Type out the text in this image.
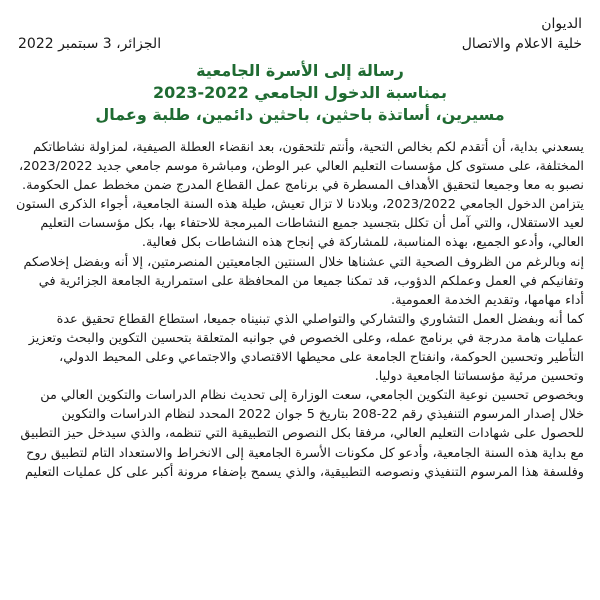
الديوان
خلية الاعلام والاتصال
الجزائر، 3 سبتمبر 2022
رسالة إلى الأسرة الجامعية
بمناسبة الدخول الجامعي 2022-2023
مسيرين، أساتذة باحثين، باحثين دائمين، طلبة وعمال

يسعدني بداية، أن أتقدم لكم بخالص التحية، وأنتم تلتحقون، بعد انقضاء العطلة الصيفية، لمزاولة نشاطاتكم المختلفة، على مستوى كل مؤسسات التعليم العالي عبر الوطن، ومباشرة موسم جامعي جديد 2023/2022، نصبو به معا وجميعا لتحقيق الأهداف المسطرة في برنامج عمل القطاع المدرج ضمن مخطط عمل الحكومة.

يتزامن الدخول الجامعي 2023/2022، وبلادنا لا تزال تعيش، طيلة هذه السنة الجامعية، أجواء الذكرى الستون لعيد الاستقلال، والتي آمل أن تكلل بتجسيد جميع النشاطات المبرمجة للاحتفاء بها، بكل مؤسسات التعليم العالي، وأدعو الجميع، بهذه المناسبة، للمشاركة في إنجاح هذه النشاطات بكل فعالية.

إنه وبالرغم من الظروف الصحية التي عشناها خلال السنتين الجامعيتين المنصرمتين، إلا أنه وبفضل إخلاصكم وتفانيكم في العمل وعملكم الدؤوب، قد تمكنا جميعا من المحافظة على استمرارية الجامعة الجزائرية في أداء مهامها، وتقديم الخدمة العمومية.

كما أنه وبفضل العمل التشاوري والتشاركي والتواصلي الذي تبنيناه جميعا، استطاع القطاع تحقيق عدة عمليات هامة مدرجة في برنامج عمله، وعلى الخصوص في جوانبه المتعلقة بتحسين التكوين والبحث وتعزيز التأطير وتحسين الحوكمة، وانفتاح الجامعة على محيطها الاقتصادي والاجتماعي وعلى المحيط الدولي، وتحسين مرئية مؤسساتنا الجامعية دوليا.

وبخصوص تحسين نوعية التكوين الجامعي، سعت الوزارة إلى تحديث نظام الدراسات والتكوين العالي من خلال إصدار المرسوم التنفيذي رقم 22-208 بتاريخ 5 جوان 2022 المحدد لنظام الدراسات والتكوين للحصول على شهادات التعليم العالي، مرفقا بكل النصوص التطبيقية التي تنظمه، والذي سيدخل حيز التطبيق مع بداية هذه السنة الجامعية، وأدعو كل مكونات الأسرة الجامعية إلى الانخراط والاستعداد التام لتطبيق روح وفلسفة هذا المرسوم التنفيذي ونصوصه التطبيقية، والذي يسمح بإضفاء مرونة أكبر على كل عمليات التعليم
